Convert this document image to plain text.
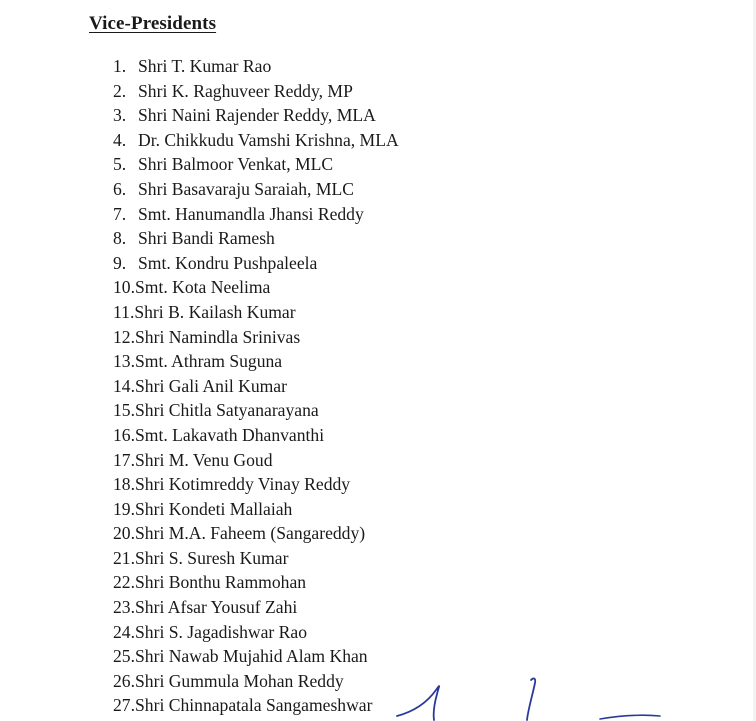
Vice-Presidents
1. Shri T. Kumar Rao
2. Shri K. Raghuveer Reddy, MP
3. Shri Naini Rajender Reddy, MLA
4. Dr. Chikkudu Vamshi Krishna, MLA
5. Shri Balmoor Venkat, MLC
6. Shri Basavaraju Saraiah, MLC
7. Smt. Hanumandla Jhansi Reddy
8. Shri Bandi Ramesh
9. Smt. Kondru Pushpaleela
10.Smt. Kota Neelima
11.Shri B. Kailash Kumar
12.Shri Namindla Srinivas
13.Smt. Athram Suguna
14.Shri Gali Anil Kumar
15.Shri Chitla Satyanarayana
16.Smt. Lakavath Dhanvanthi
17.Shri M. Venu Goud
18.Shri Kotimreddy Vinay Reddy
19.Shri Kondeti Mallaiah
20.Shri M.A. Faheem (Sangareddy)
21.Shri S. Suresh Kumar
22.Shri Bonthu Rammohan
23.Shri Afsar Yousuf Zahi
24.Shri S. Jagadishwar Rao
25.Shri Nawab Mujahid Alam Khan
26.Shri Gummula Mohan Reddy
27.Shri Chinnapatala Sangameshwar
